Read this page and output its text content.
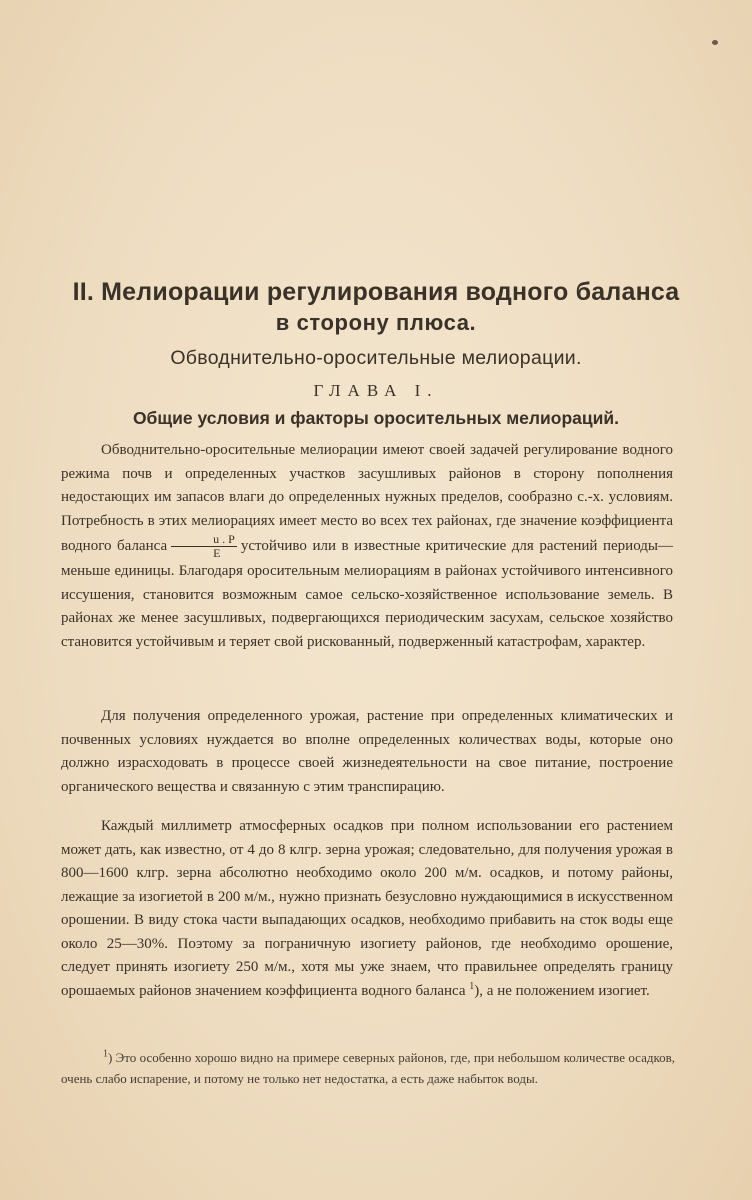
II. Мелиорации регулирования водного баланса
в сторону плюса.
Обводнительно-оросительные мелиорации.
ГЛАВА I.
Общие условия и факторы оросительных мелиораций.

Обводнительно-оросительные мелиорации имеют своей задачей регулирование водного режима почв и определенных участков засушливых районов в сторону пополнения недостающих им запасов влаги до определенных нужных пределов, сообразно с.-х. условиям. Потребность в этих мелиорациях имеет место во всех тех районах, где значение коэффициента водного баланса $\frac{u . P}{E}$ устойчиво или в известные критические для растений периоды— меньше единицы. Благодаря оросительным мелиорациям в районах устойчивого интенсивного иссушения, становится возможным самое сельско-хозяйственное использование земель. В районах же менее засушливых, подвергающихся периодическим засухам, сельское хозяйство становится устойчивым и теряет свой рискованный, подверженный катастрофам, характер.

Для получения определенного урожая, растение при определенных климатических и почвенных условиях нуждается во вполне определенных количествах воды, которые оно должно израсходовать в процессе своей жизнедеятельности на свое питание, построение органического вещества и связанную с этим транспирацию.

Каждый миллиметр атмосферных осадков при полном использовании его растением может дать, как известно, от 4 до 8 клгр. зерна урожая; следовательно, для получения урожая в 800—1600 клгр. зерна абсолютно необходимо около 200 м/м. осадков, и потому районы, лежащие за изогиетой в 200 м/м., нужно признать безусловно нуждающимися в искусственном орошении. В виду стока части выпадающих осадков, необходимо прибавить на сток воды еще около 25—30%. Поэтому за пограничную изогиету районов, где необходимо орошение, следует принять изогиету 250 м/м., хотя мы уже знаем, что правильнее определять границу орошаемых районов значением коэффициента водного баланса $^1$), а не положением изогиет.

$^1$) Это особенно хорошо видно на примере северных районов, где, при небольшом количестве осадков, очень слабо испарение, и потому не только нет недостатка, а есть даже набыток воды.
